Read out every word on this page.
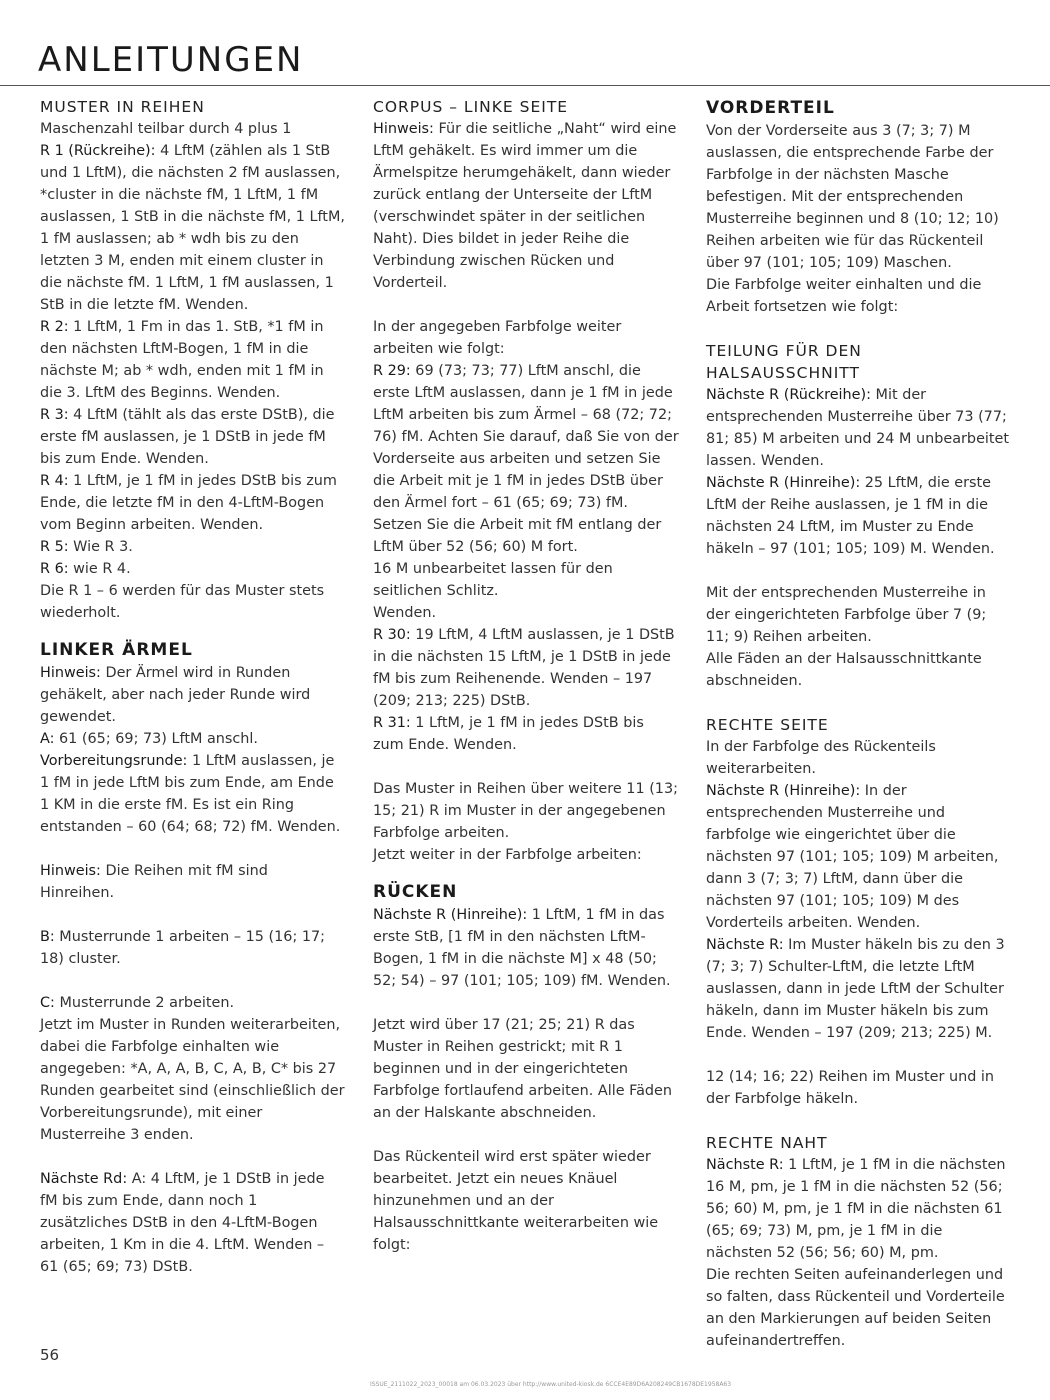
ANLEITUNGEN
MUSTER IN REIHEN

Maschenzahl teilbar durch 4 plus 1

R 1 (Rückreihe): 4 LftM (zählen als 1 StB und 1 LftM), die nächsten 2 fM auslassen, *cluster in die nächste fM, 1 LftM, 1 fM auslassen, 1 StB in die nächste fM, 1 LftM, 1 fM auslassen; ab * wdh bis zu den letzten 3 M, enden mit einem cluster in die nächste fM. 1 LftM, 1 fM auslassen, 1 StB in die letzte fM. Wenden.

R 2: 1 LftM, 1 Fm in das 1. StB, *1 fM in den nächsten LftM-Bogen, 1 fM in die nächste M; ab * wdh, enden mit 1 fM in die 3. LftM des Beginns. Wenden.

R 3: 4 LftM (tählt als das erste DStB), die erste fM auslassen, je 1 DStB in jede fM bis zum Ende. Wenden.

R 4: 1 LftM, je 1 fM in jedes DStB bis zum Ende, die letzte fM in den 4-LftM-Bogen vom Beginn arbeiten. Wenden.

R 5: Wie R 3.

R 6: wie R 4.

Die R 1 – 6 werden für das Muster stets wiederholt.

LINKER ÄRMEL

Hinweis: Der Ärmel wird in Runden gehäkelt, aber nach jeder Runde wird gewendet.

A: 61 (65; 69; 73) LftM anschl.

Vorbereitungsrunde: 1 LftM auslassen, je 1 fM in jede LftM bis zum Ende, am Ende 1 KM in die erste fM. Es ist ein Ring entstanden – 60 (64; 68; 72) fM. Wenden.

Hinweis: Die Reihen mit fM sind Hinreihen.

B: Musterrunde 1 arbeiten – 15 (16; 17; 18) cluster.

C: Musterrunde 2 arbeiten.

Jetzt im Muster in Runden weiterarbeiten, dabei die Farbfolge einhalten wie angegeben: *A, A, A, B, C, A, B, C* bis 27 Runden gearbeitet sind (einschließlich der Vorbereitungsrunde), mit einer Musterreihe 3 enden.

Nächste Rd: A: 4 LftM, je 1 DStB in jede fM bis zum Ende, dann noch 1 zusätzliches DStB in den 4-LftM-Bogen arbeiten, 1 Km in die 4. LftM. Wenden – 61 (65; 69; 73) DStB.

CORPUS – LINKE SEITE

Hinweis: Für die seitliche „Naht“ wird eine LftM gehäkelt. Es wird immer um die Ärmelspitze herumgehäkelt, dann wieder zurück entlang der Unterseite der LftM (verschwindet später in der seitlichen Naht). Dies bildet in jeder Reihe die Verbindung zwischen Rücken und Vorderteil.

In der angegeben Farbfolge weiter arbeiten wie folgt:

R 29: 69 (73; 73; 77) LftM anschl, die erste LftM auslassen, dann je 1 fM in jede LftM arbeiten bis zum Ärmel – 68 (72; 72; 76) fM. Achten Sie darauf, daß Sie von der Vorderseite aus arbeiten und setzen Sie die Arbeit mit je 1 fM in jedes DStB über den Ärmel fort – 61 (65; 69; 73) fM. Setzen Sie die Arbeit mit fM entlang der LftM über 52 (56; 60) M fort.

16 M unbearbeitet lassen für den seitlichen Schlitz.

Wenden.

R 30: 19 LftM, 4 LftM auslassen, je 1 DStB in die nächsten 15 LftM, je 1 DStB in jede fM bis zum Reihenende. Wenden – 197 (209; 213; 225) DStB.

R 31: 1 LftM, je 1 fM in jedes DStB bis zum Ende. Wenden.

Das Muster in Reihen über weitere 11 (13; 15; 21) R im Muster in der angegebenen Farbfolge arbeiten.

Jetzt weiter in der Farbfolge arbeiten:

RÜCKEN

Nächste R (Hinreihe): 1 LftM, 1 fM in das erste StB, [1 fM in den nächsten LftM-Bogen, 1 fM in die nächste M] x 48 (50; 52; 54) – 97 (101; 105; 109) fM. Wenden.

Jetzt wird über 17 (21; 25; 21) R das Muster in Reihen gestrickt; mit R 1 beginnen und in der eingerichteten Farbfolge fortlaufend arbeiten. Alle Fäden an der Halskante abschneiden.

Das Rückenteil wird erst später wieder bearbeitet. Jetzt ein neues Knäuel hinzunehmen und an der Halsausschnittkante weiterarbeiten wie folgt:

VORDERTEIL

Von der Vorderseite aus 3 (7; 3; 7) M auslassen, die entsprechende Farbe der Farbfolge in der nächsten Masche befestigen. Mit der entsprechenden Musterreihe beginnen und 8 (10; 12; 10) Reihen arbeiten wie für das Rückenteil über 97 (101; 105; 109) Maschen.

Die Farbfolge weiter einhalten und die Arbeit fortsetzen wie folgt:

TEILUNG FÜR DEN HALSAUSSCHNITT

Nächste R (Rückreihe): Mit der entsprechenden Musterreihe über 73 (77; 81; 85) M arbeiten und 24 M unbearbeitet lassen. Wenden.

Nächste R (Hinreihe): 25 LftM, die erste LftM der Reihe auslassen, je 1 fM in die nächsten 24 LftM, im Muster zu Ende häkeln – 97 (101; 105; 109) M. Wenden.

Mit der entsprechenden Musterreihe in der eingerichteten Farbfolge über 7 (9; 11; 9) Reihen arbeiten.

Alle Fäden an der Halsausschnittkante abschneiden.

RECHTE SEITE

In der Farbfolge des Rückenteils weiterarbeiten.

Nächste R (Hinreihe): In der entsprechenden Musterreihe und farbfolge wie eingerichtet über die nächsten 97 (101; 105; 109) M arbeiten, dann 3 (7; 3; 7) LftM, dann über die nächsten 97 (101; 105; 109) M des Vorderteils arbeiten. Wenden.

Nächste R: Im Muster häkeln bis zu den 3 (7; 3; 7) Schulter-LftM, die letzte LftM auslassen, dann in jede LftM der Schulter häkeln, dann im Muster häkeln bis zum Ende. Wenden – 197 (209; 213; 225) M.

12 (14; 16; 22) Reihen im Muster und in der Farbfolge häkeln.

RECHTE NAHT

Nächste R: 1 LftM, je 1 fM in die nächsten 16 M, pm, je 1 fM in die nächsten 52 (56; 56; 60) M, pm, je 1 fM in die nächsten 61 (65; 69; 73) M, pm, je 1 fM in die nächsten 52 (56; 56; 60) M, pm.

Die rechten Seiten aufeinanderlegen und so falten, dass Rückenteil und Vorderteile an den Markierungen auf beiden Seiten aufeinandertreffen.

56
ISSUE_2111022_2023_00018 am 06.03.2023 über http://www.united-kiosk.de 6CCE4E89D6A208249CB1678DE1958A63
